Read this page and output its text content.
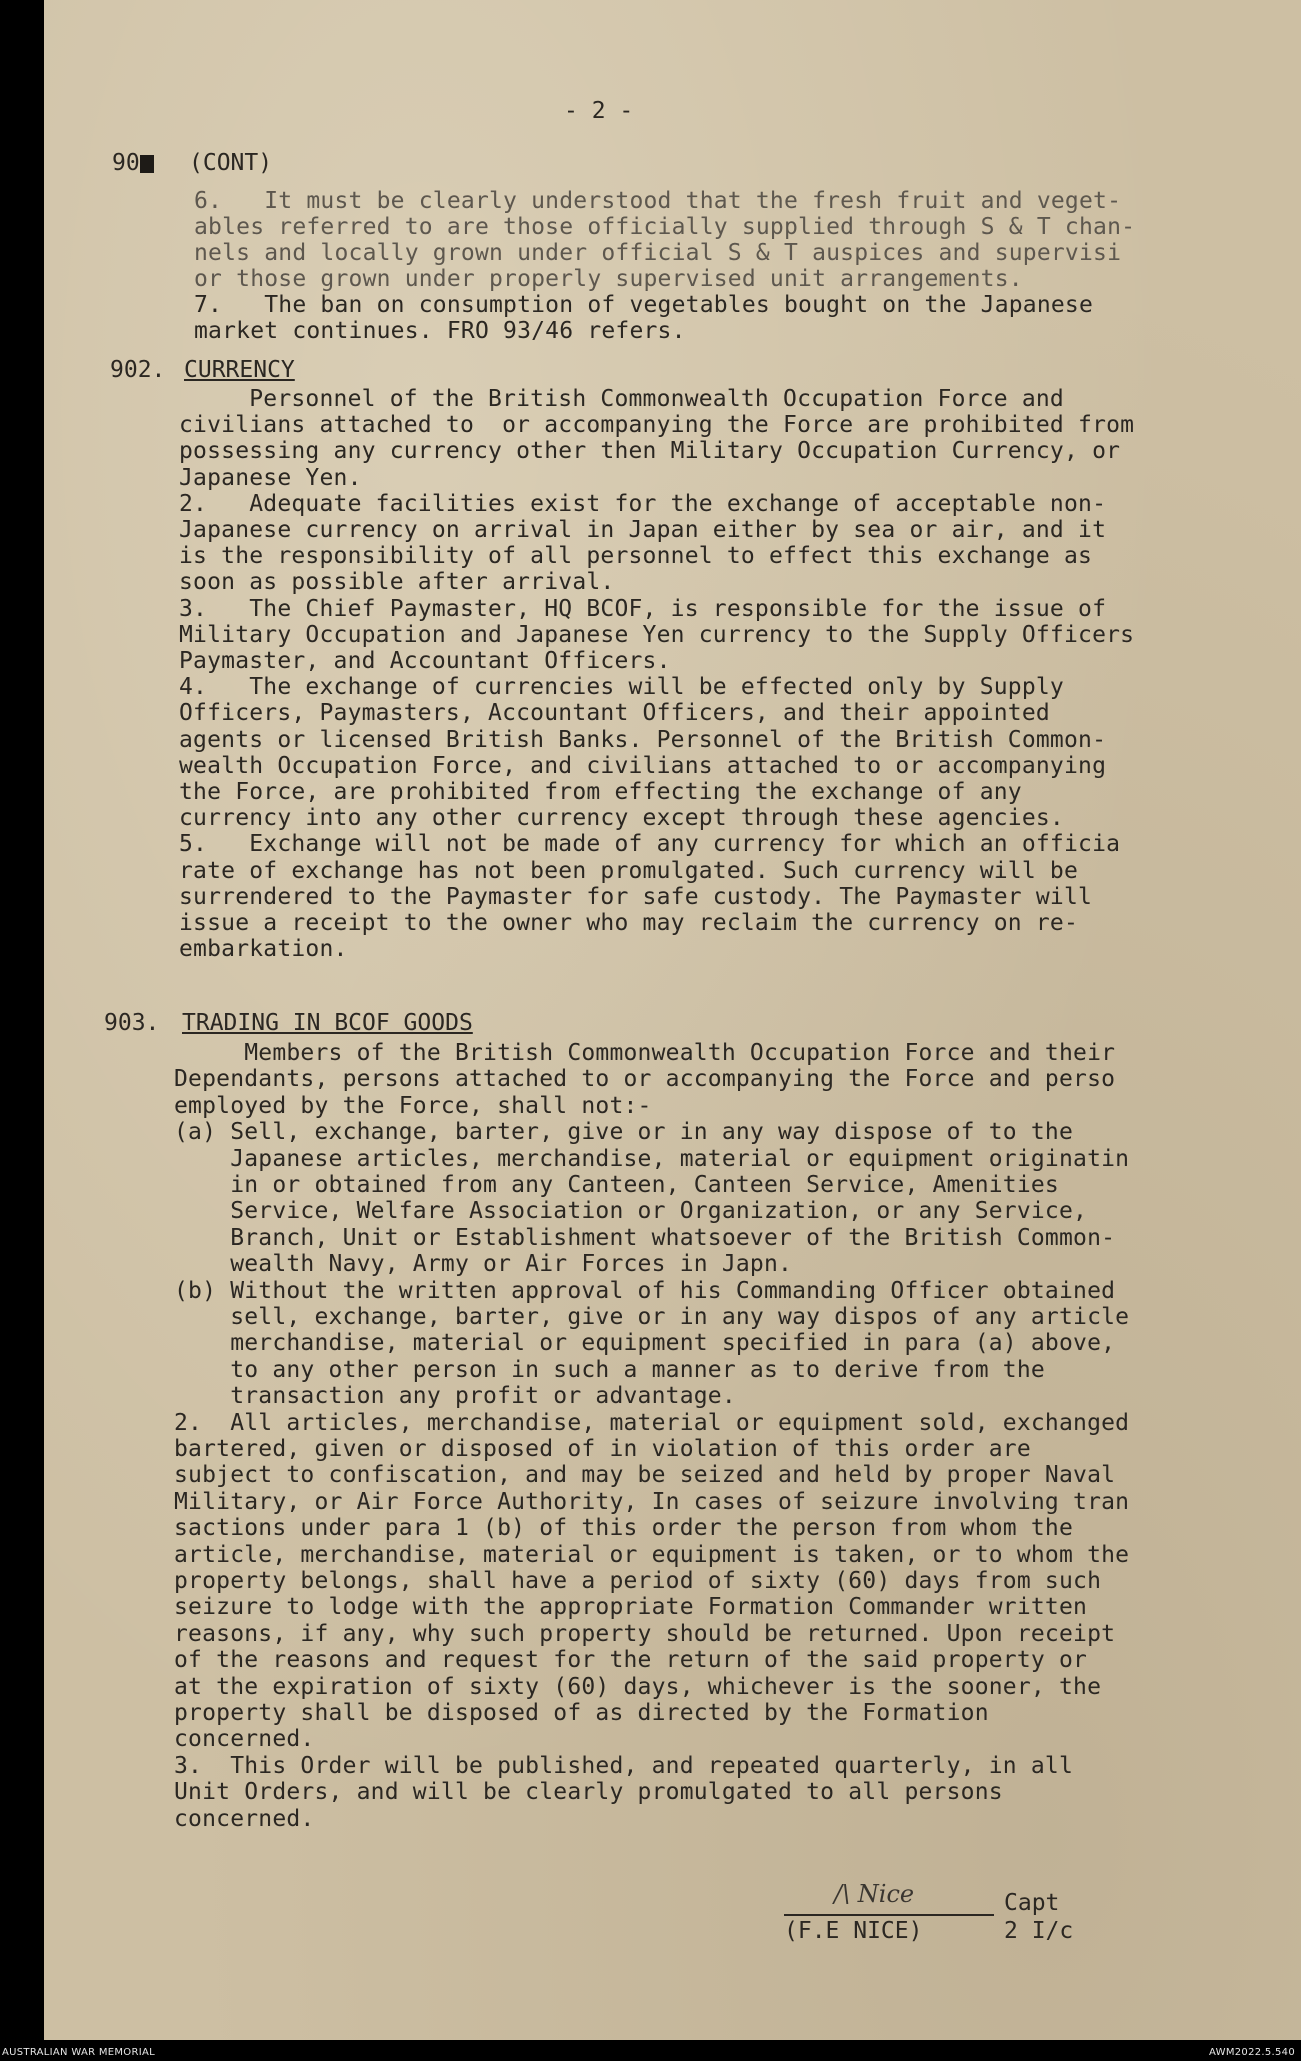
- 2 -
90	(CONT)
6.   It must be clearly understood that the fresh fruit and veget-
ables referred to are those officially supplied through S & T chan-
nels and locally grown under official S & T auspices and supervisi
or those grown under properly supervised unit arrangements.
7.   The ban on consumption of vegetables bought on the Japanese
market continues. FRO 93/46 refers.
902. CURRENCY
Personnel of the British Commonwealth Occupation Force and
civilians attached to  or accompanying the Force are prohibited from
possessing any currency other then Military Occupation Currency, or
Japanese Yen.
2.   Adequate facilities exist for the exchange of acceptable non-
Japanese currency on arrival in Japan either by sea or air, and it
is the responsibility of all personnel to effect this exchange as
soon as possible after arrival.
3.   The Chief Paymaster, HQ BCOF, is responsible for the issue of
Military Occupation and Japanese Yen currency to the Supply Officers
Paymaster, and Accountant Officers.
4.   The exchange of currencies will be effected only by Supply
Officers, Paymasters, Accountant Officers, and their appointed
agents or licensed British Banks. Personnel of the British Common-
wealth Occupation Force, and civilians attached to or accompanying
the Force, are prohibited from effecting the exchange of any
currency into any other currency except through these agencies.
5.   Exchange will not be made of any currency for which an officia
rate of exchange has not been promulgated. Such currency will be
surrendered to the Paymaster for safe custody. The Paymaster will
issue a receipt to the owner who may reclaim the currency on re-
embarkation.
903. TRADING IN BCOF GOODS
Members of the British Commonwealth Occupation Force and their
Dependants, persons attached to or accompanying the Force and perso
employed by the Force, shall not:-
(a) Sell, exchange, barter, give or in any way dispose of to the
Japanese articles, merchandise, material or equipment originatin
in or obtained from any Canteen, Canteen Service, Amenities
Service, Welfare Association or Organization, or any Service,
Branch, Unit or Establishment whatsoever of the British Common-
wealth Navy, Army or Air Forces in Japn.
(b) Without the written approval of his Commanding Officer obtained
sell, exchange, barter, give or in any way dispos of any article
merchandise, material or equipment specified in para (a) above,
to any other person in such a manner as to derive from the
transaction any profit or advantage.
2.  All articles, merchandise, material or equipment sold, exchanged
bartered, given or disposed of in violation of this order are
subject to confiscation, and may be seized and held by proper Naval
Military, or Air Force Authority, In cases of seizure involving tran
sactions under para 1 (b) of this order the person from whom the
article, merchandise, material or equipment is taken, or to whom the
property belongs, shall have a period of sixty (60) days from such
seizure to lodge with the appropriate Formation Commander written
reasons, if any, why such property should be returned. Upon receipt
of the reasons and request for the return of the said property or
at the expiration of sixty (60) days, whichever is the sooner, the
property shall be disposed of as directed by the Formation
concerned.
3.  This Order will be published, and repeated quarterly, in all
Unit Orders, and will be clearly promulgated to all persons
concerned.
/\ Nice	Capt
(F.E NICE)	2 I/c
AUSTRALIAN WAR MEMORIAL	AWM2022.5.540
